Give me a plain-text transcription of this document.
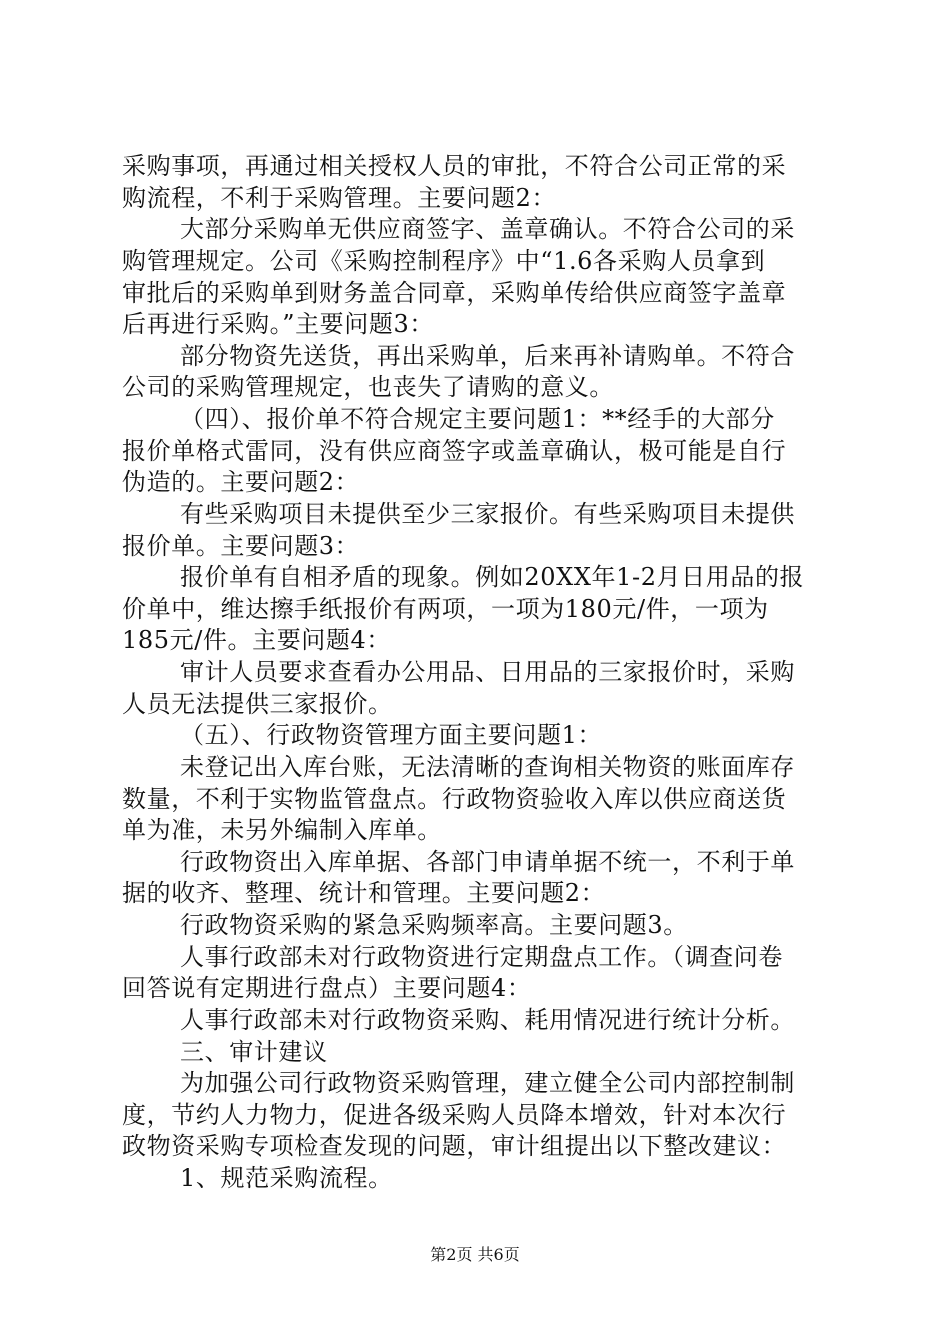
采购事项，再通过相关授权人员的审批，不符合公司正常的采
购流程，不利于采购管理。主要问题2：
大部分采购单无供应商签字、盖章确认。不符合公司的采
购管理规定。公司《采购控制程序》中“1.6各采购人员拿到
审批后的采购单到财务盖合同章，采购单传给供应商签字盖章
后再进行采购。”主要问题3：
部分物资先送货，再出采购单，后来再补请购单。不符合
公司的采购管理规定，也丧失了请购的意义。
（四）、报价单不符合规定主要问题1：**经手的大部分
报价单格式雷同，没有供应商签字或盖章确认，极可能是自行
伪造的。主要问题2：
有些采购项目未提供至少三家报价。有些采购项目未提供
报价单。主要问题3：
报价单有自相矛盾的现象。例如20XX年1-2月日用品的报
价单中，维达擦手纸报价有两项，一项为180元/件，一项为
185元/件。主要问题4：
审计人员要求查看办公用品、日用品的三家报价时，采购
人员无法提供三家报价。
（五）、行政物资管理方面主要问题1：
未登记出入库台账，无法清晰的查询相关物资的账面库存
数量，不利于实物监管盘点。行政物资验收入库以供应商送货
单为准，未另外编制入库单。
行政物资出入库单据、各部门申请单据不统一，不利于单
据的收齐、整理、统计和管理。主要问题2：
行政物资采购的紧急采购频率高。主要问题3。
人事行政部未对行政物资进行定期盘点工作。（调查问卷
回答说有定期进行盘点）主要问题4：
人事行政部未对行政物资采购、耗用情况进行统计分析。
三、审计建议
为加强公司行政物资采购管理，建立健全公司内部控制制
第2页 共6页
度，节约人力物力，促进各级采购人员降本增效，针对本次行
政物资采购专项检查发现的问题，审计组提出以下整改建议：
1、规范采购流程。
